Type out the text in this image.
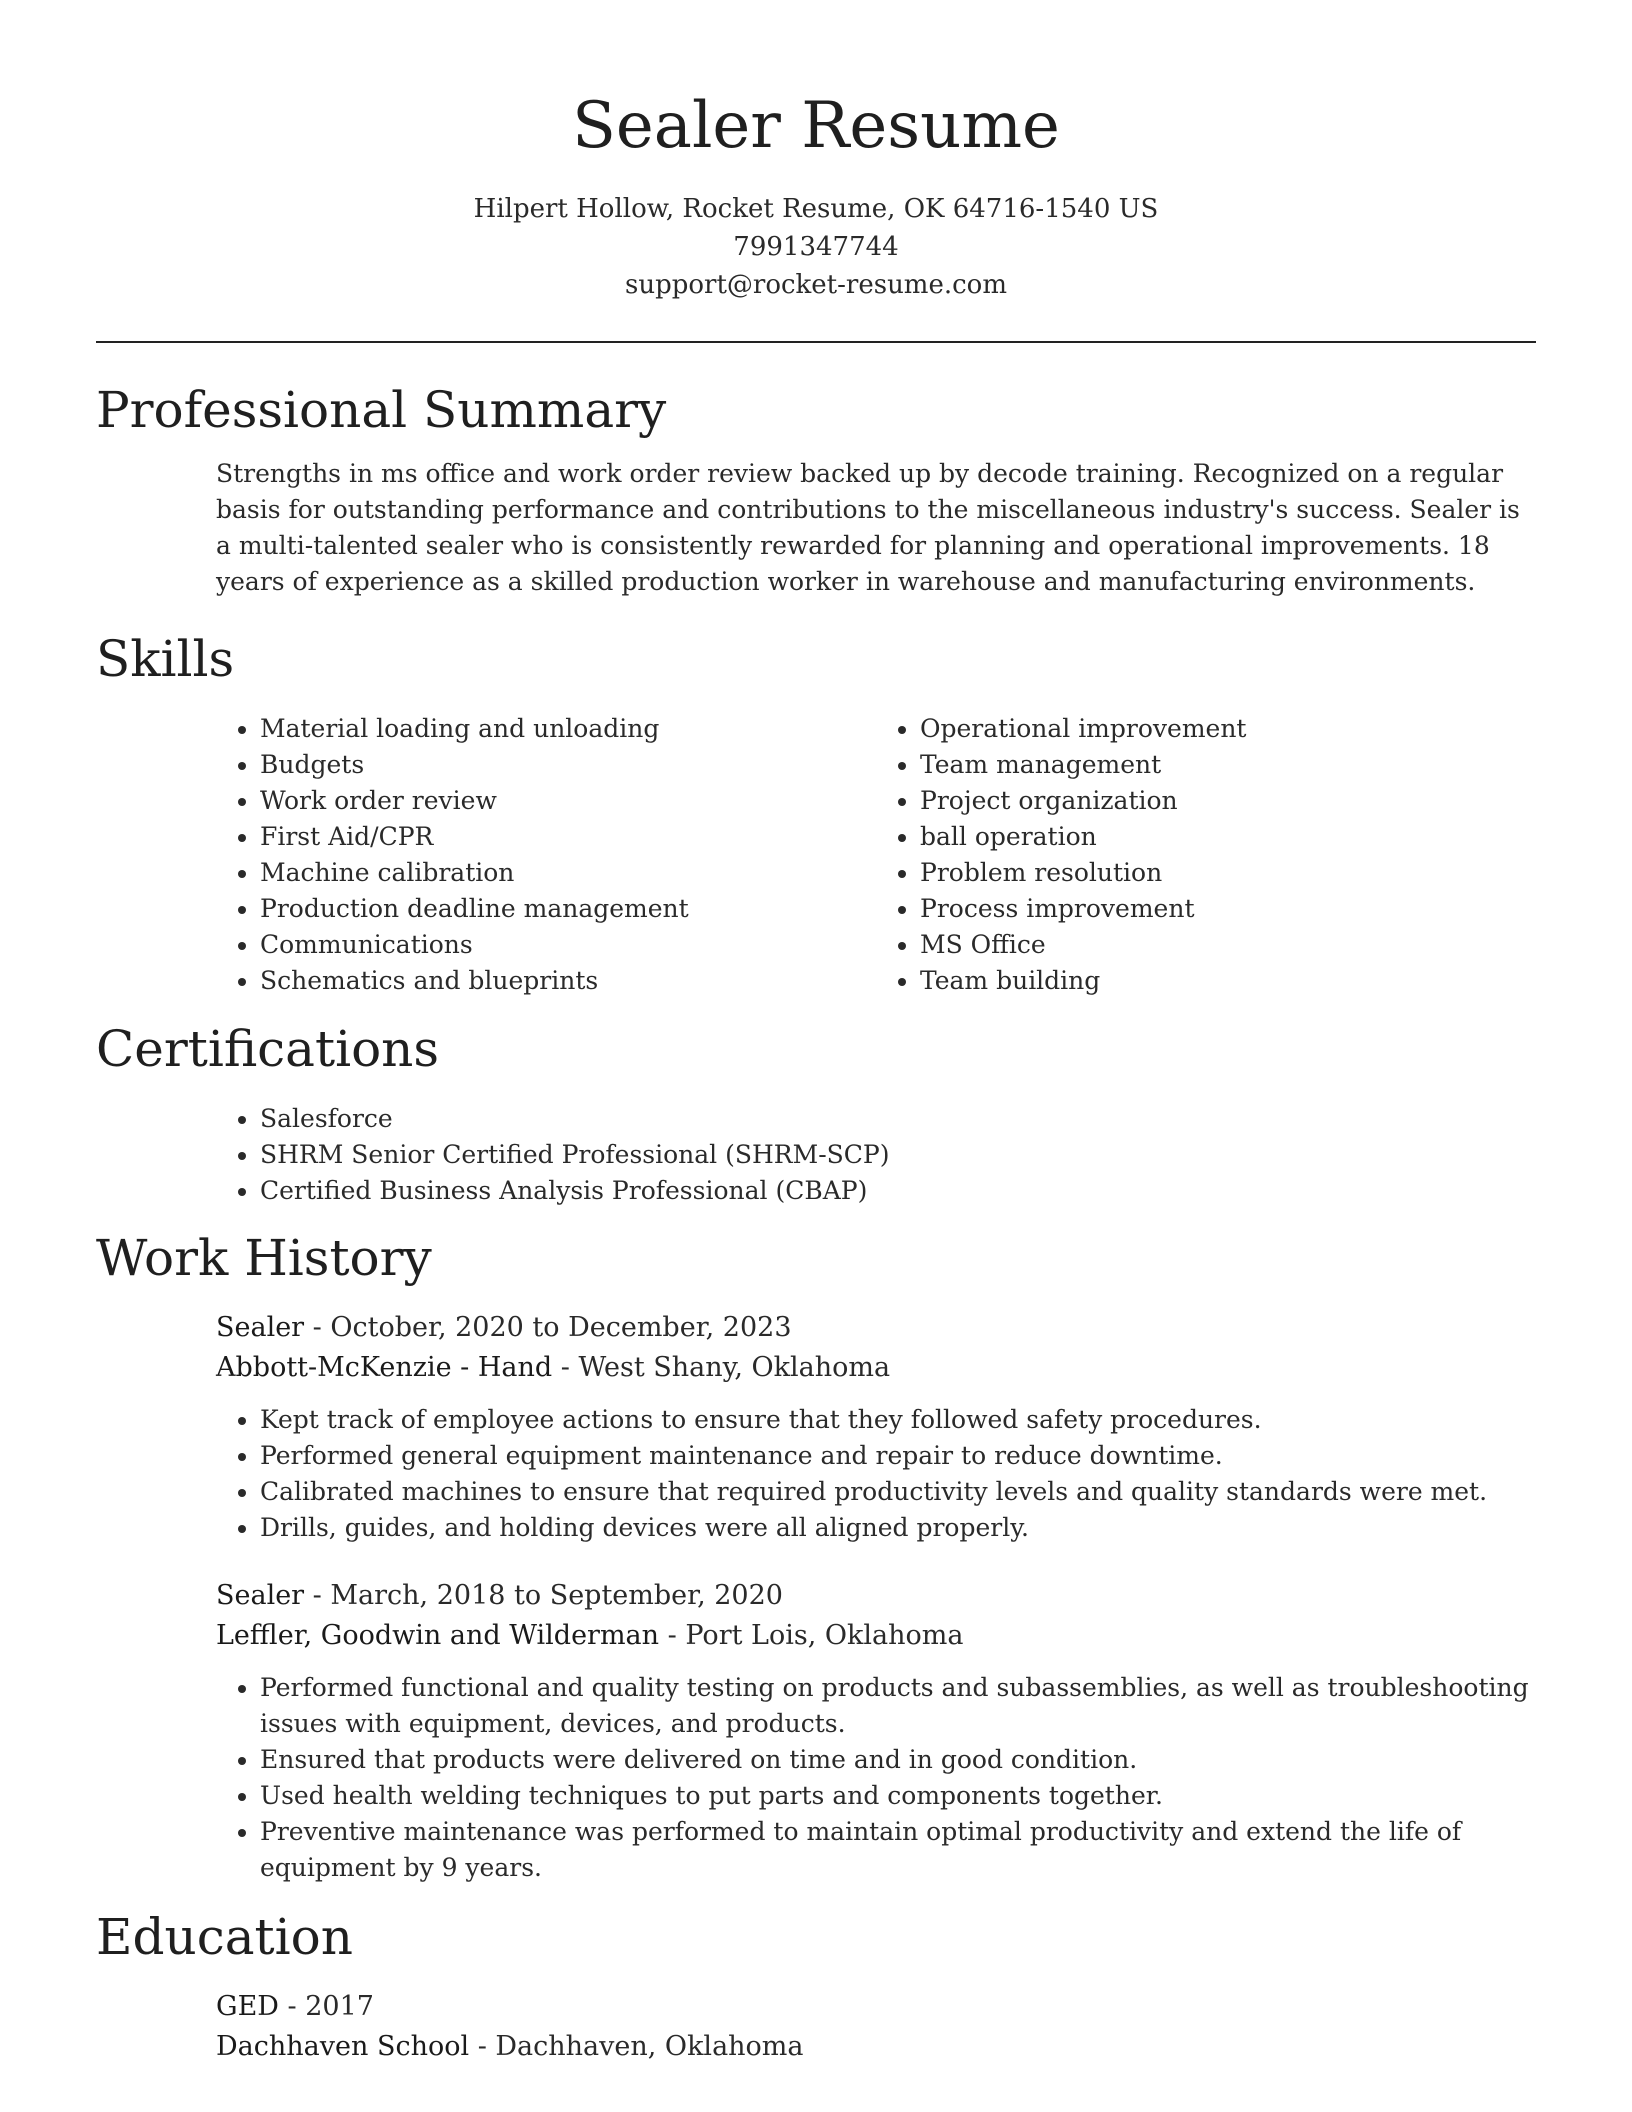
Sealer Resume
Hilpert Hollow, Rocket Resume, OK 64716-1540 US
7991347744
support@rocket-resume.com
Professional Summary

Strengths in ms office and work order review backed up by decode training. Recognized on a regular basis for outstanding performance and contributions to the miscellaneous industry's success. Sealer is a multi-talented sealer who is consistently rewarded for planning and operational improvements. 18 years of experience as a skilled production worker in warehouse and manufacturing environments.

Skills
• Material loading and unloading
• Budgets
• Work order review
• First Aid/CPR
• Machine calibration
• Production deadline management
• Communications
• Schematics and blueprints
• Operational improvement
• Team management
• Project organization
• ball operation
• Problem resolution
• Process improvement
• MS Office
• Team building
Certifications
• Salesforce
• SHRM Senior Certified Professional (SHRM-SCP)
• Certified Business Analysis Professional (CBAP)
Work History

Sealer - October, 2020 to December, 2023

Abbott-McKenzie - Hand - West Shany, Oklahoma

• Kept track of employee actions to ensure that they followed safety procedures.
• Performed general equipment maintenance and repair to reduce downtime.
• Calibrated machines to ensure that required productivity levels and quality standards were met.
• Drills, guides, and holding devices were all aligned properly.

Sealer - March, 2018 to September, 2020

Leffler, Goodwin and Wilderman - Port Lois, Oklahoma

• Performed functional and quality testing on products and subassemblies, as well as troubleshooting issues with equipment, devices, and products.
• Ensured that products were delivered on time and in good condition.
• Used health welding techniques to put parts and components together.
• Preventive maintenance was performed to maintain optimal productivity and extend the life of equipment by 9 years.
Education

GED - 2017

Dachhaven School - Dachhaven, Oklahoma
